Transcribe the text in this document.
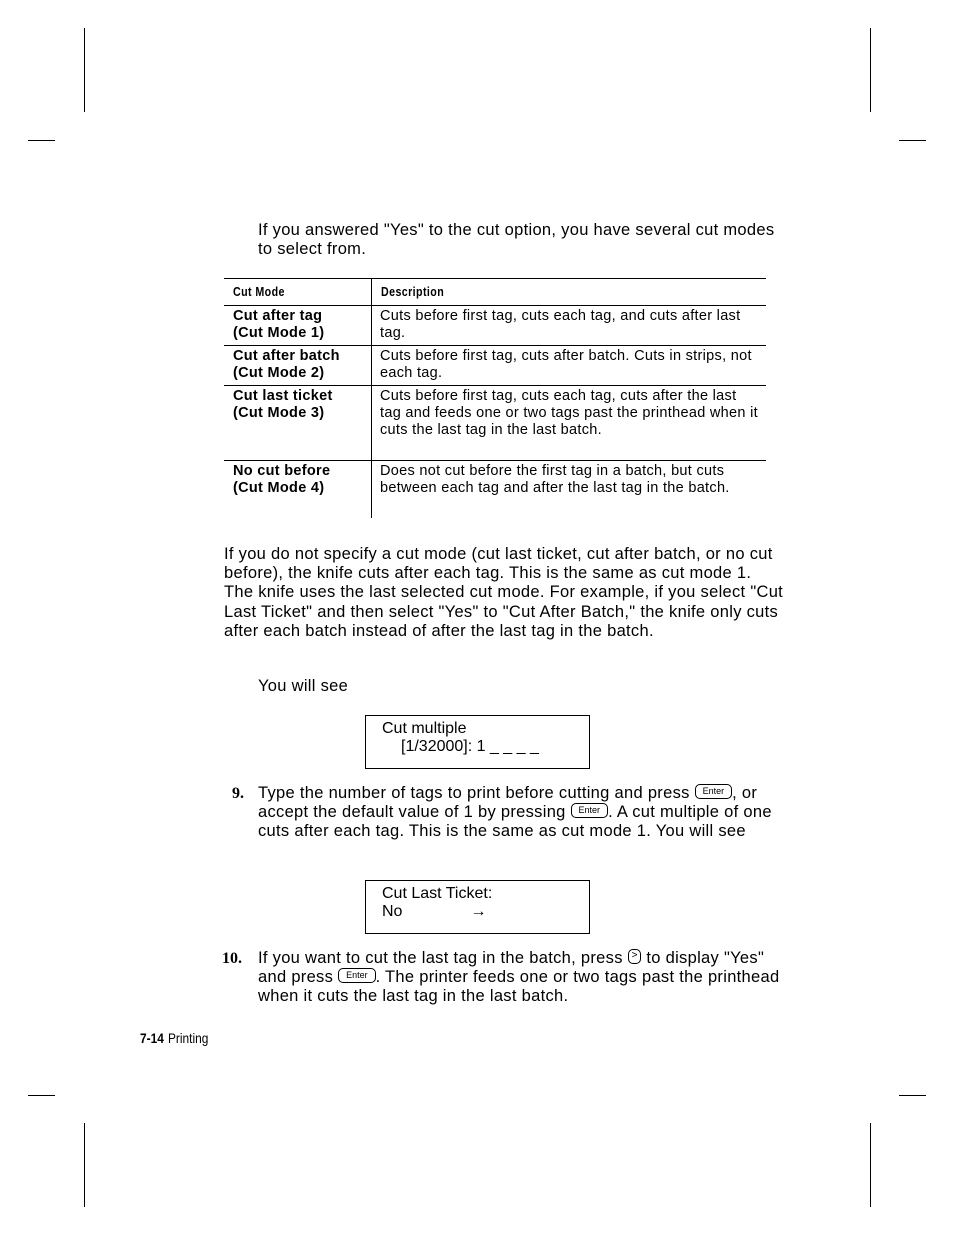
If you answered "Yes" to the cut option, you have several cut modes to select from.
Cut Mode	Description
Cut after tag
(Cut Mode 1)	Cuts before first tag, cuts each tag, and cuts after last tag.
Cut after batch
(Cut Mode 2)	Cuts before first tag, cuts after batch. Cuts in strips, not each tag.
Cut last ticket
(Cut Mode 3)	Cuts before first tag, cuts each tag, cuts after the last tag and feeds one or two tags past the printhead when it cuts the last tag in the last batch.
No cut before
(Cut Mode 4)	Does not cut before the first tag in a batch, but cuts between each tag and after the last tag in the batch.
If you do not specify a cut mode (cut last ticket, cut after batch, or no cut before), the knife cuts after each tag. This is the same as cut mode 1. The knife uses the last selected cut mode. For example, if you select "Cut Last Ticket" and then select "Yes" to "Cut After Batch," the knife only cuts after each batch instead of after the last tag in the batch.
You will see
Cut multiple
[1/32000]: 1 _ _ _ _
9. Type the number of tags to print before cutting and press Enter , or accept the default value of 1 by pressing Enter . A cut multiple of one cuts after each tag. This is the same as cut mode 1. You will see
Cut Last Ticket:
No	→
10. If you want to cut the last tag in the batch, press > to display "Yes" and press Enter . The printer feeds one or two tags past the printhead when it cuts the last tag in the last batch.
7-14 Printing
